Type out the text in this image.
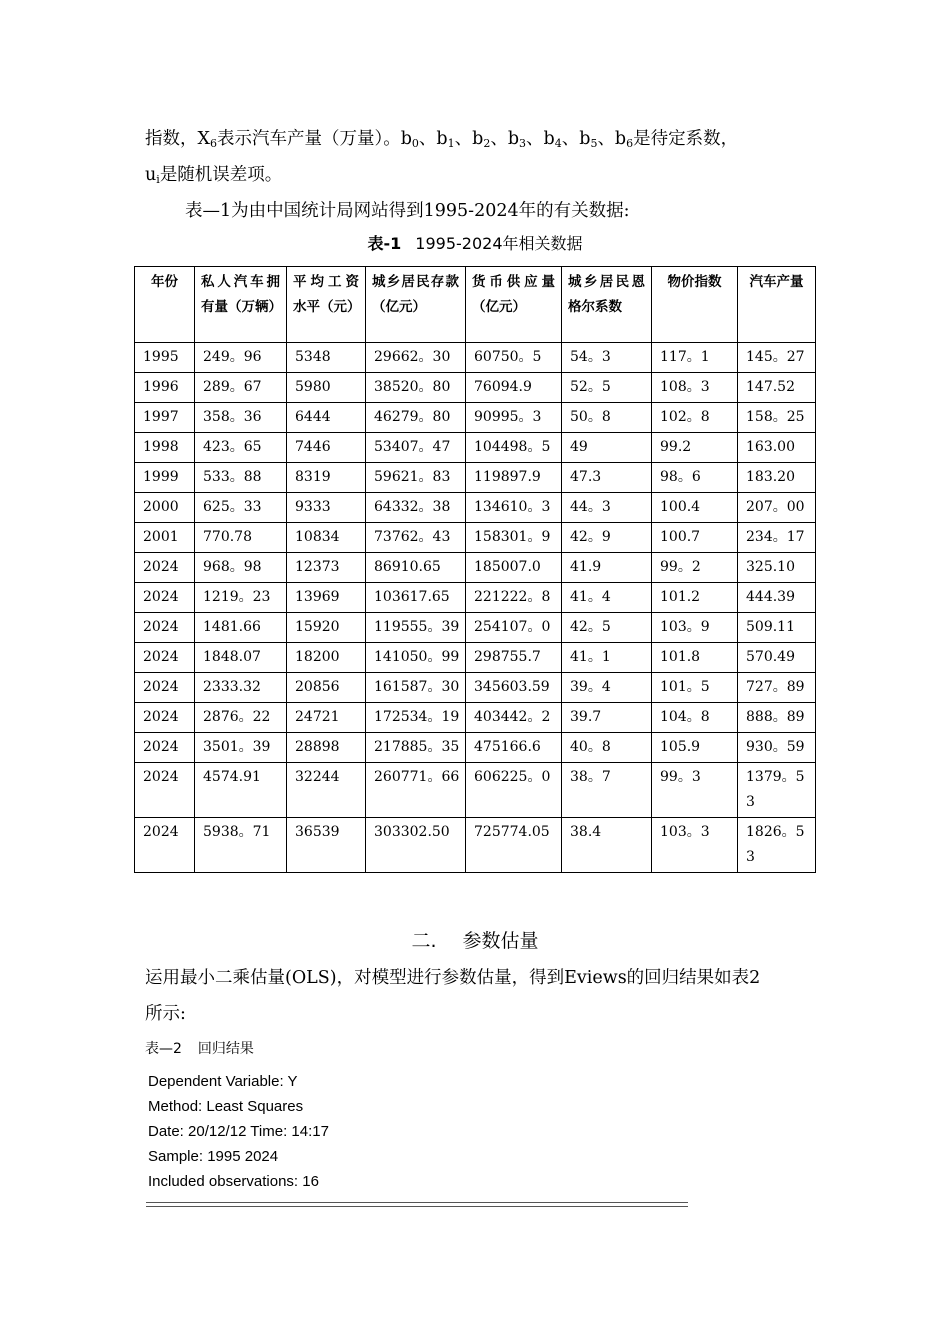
指数，$X_6$表示汽车产量（万量）。$b_0$、$b_1$、$b_2$、$b_3$、$b_4$、$b_5$、$b_6$是待定系数，
$u_i$是随机误差项。
表—1为由中国统计局网站得到1995-2024年的有关数据:
表-1 1995-2024年相关数据
年份	私人汽车拥有量（万辆）	平均工资水平（元）	城乡居民存款（亿元）	货币供应量（亿元）	城乡居民恩格尔系数	物价指数	汽车产量
1995	249。96	5348	29662。30	60750。5	54。3	117。1	145。27
1996	289。67	5980	38520。80	76094.9	52。5	108。3	147.52
1997	358。36	6444	46279。80	90995。3	50。8	102。8	158。25
1998	423。65	7446	53407。47	104498。5	49	99.2	163.00
1999	533。88	8319	59621。83	119897.9	47.3	98。6	183.20
2000	625。33	9333	64332。38	134610。3	44。3	100.4	207。00
2001	770.78	10834	73762。43	158301。9	42。9	100.7	234。17
2024	968。98	12373	86910.65	185007.0	41.9	99。2	325.10
2024	1219。23	13969	103617.65	221222。8	41。4	101.2	444.39
2024	1481.66	15920	119555。39	254107。0	42。5	103。9	509.11
2024	1848.07	18200	141050。99	298755.7	41。1	101.8	570.49
2024	2333.32	20856	161587。30	345603.59	39。4	101。5	727。89
2024	2876。22	24721	172534。19	403442。2	39.7	104。8	888。89
2024	3501。39	28898	217885。35	475166.6	40。8	105.9	930。59
2024	4574.91	32244	260771。66	606225。0	38。7	99。3	1379。53
2024	5938。71	36539	303302.50	725774.05	38.4	103。3	1826。53
二. 参数估量
运用最小二乘估量(OLS)，对模型进行参数估量，得到Eviews的回归结果如表2
所示:
表—2 回归结果
Dependent Variable: Y
Method: Least Squares
Date: 20/12/12 Time: 14:17
Sample: 1995 2024
Included observations: 16
